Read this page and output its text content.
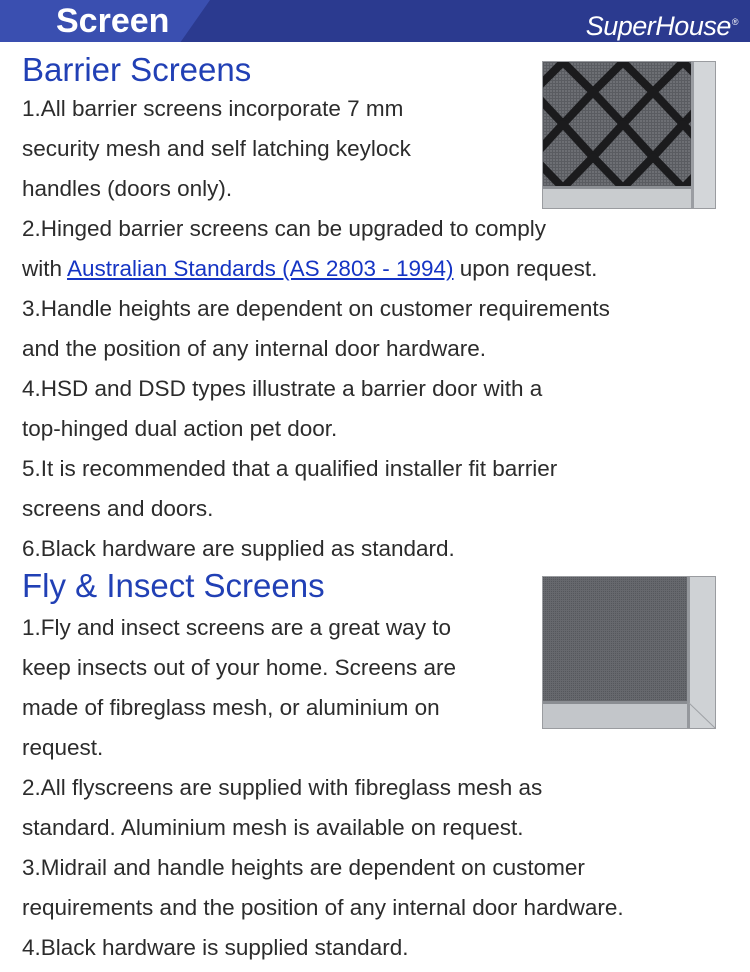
Screen	SuperHouse®
Barrier Screens

1.All barrier screens incorporate 7 mm
security mesh and self latching keylock
handles (doors only).

2.Hinged barrier screens can be upgraded to comply
with Australian Standards (AS 2803 - 1994) upon request.

3.Handle heights are dependent on customer requirements
and the position of any internal door hardware.

4.HSD and DSD types illustrate a barrier door with a
top-hinged dual action pet door.

5.It is recommended that a qualified installer fit barrier
screens and doors.

6.Black hardware are supplied as standard.

Fly & Insect Screens

1.Fly and insect screens are a great way to
keep insects out of your home. Screens are
made of fibreglass mesh, or aluminium on
request.

2.All flyscreens are supplied with fibreglass mesh as
standard. Aluminium mesh is available on request.

3.Midrail and handle heights are dependent on customer
requirements and the position of any internal door hardware.

4.Black hardware is supplied standard.
